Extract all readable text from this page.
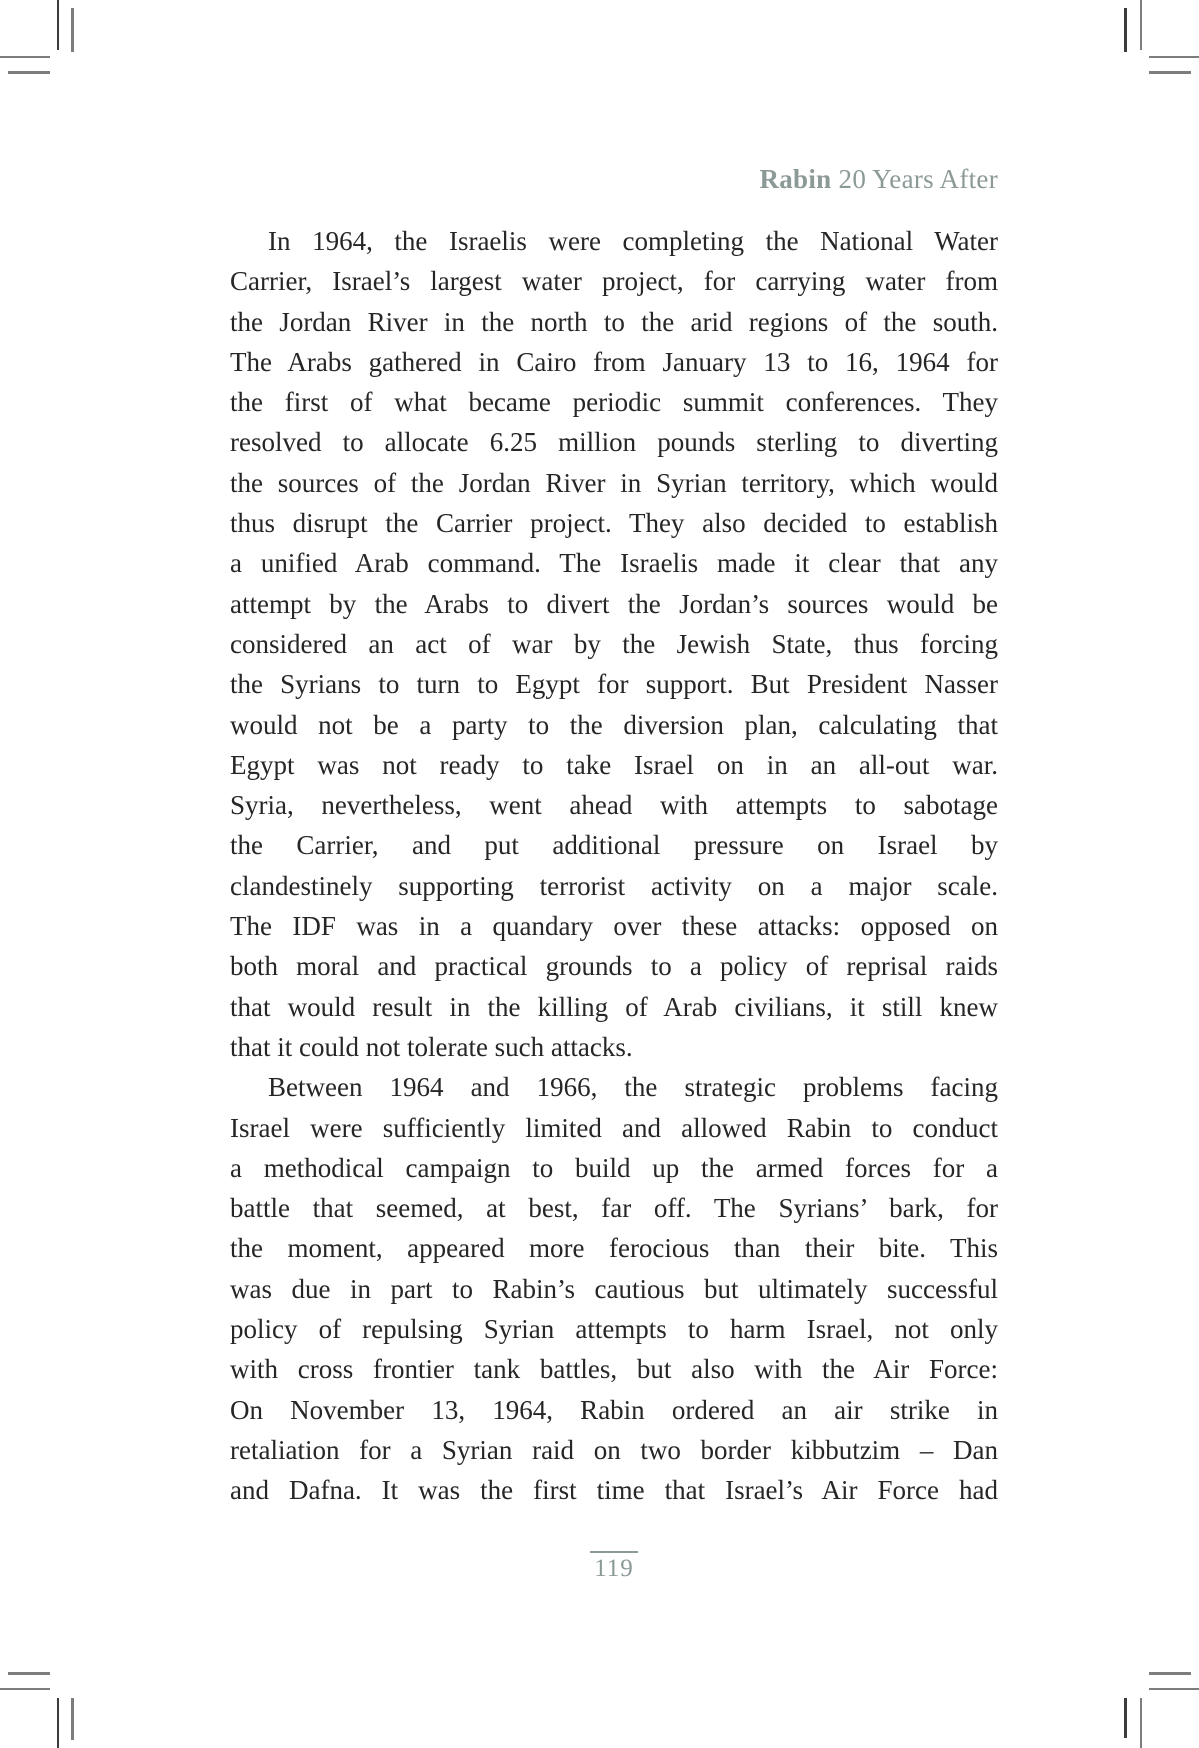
Rabin 20 Years After
In 1964, the Israelis were completing the National Water
Carrier, Israel’s largest water project, for carrying water from
the Jordan River in the north to the arid regions of the south.
The Arabs gathered in Cairo from January 13 to 16, 1964 for
the first of what became periodic summit conferences. They
resolved to allocate 6.25 million pounds sterling to diverting
the sources of the Jordan River in Syrian territory, which would
thus disrupt the Carrier project. They also decided to establish
a unified Arab command. The Israelis made it clear that any
attempt by the Arabs to divert the Jordan’s sources would be
considered an act of war by the Jewish State, thus forcing
the Syrians to turn to Egypt for support. But President Nasser
would not be a party to the diversion plan, calculating that
Egypt was not ready to take Israel on in an all-out war.
Syria, nevertheless, went ahead with attempts to sabotage
the Carrier, and put additional pressure on Israel by
clandestinely supporting terrorist activity on a major scale.
The IDF was in a quandary over these attacks: opposed on
both moral and practical grounds to a policy of reprisal raids
that would result in the killing of Arab civilians, it still knew
that it could not tolerate such attacks.
Between 1964 and 1966, the strategic problems facing
Israel were sufficiently limited and allowed Rabin to conduct
a methodical campaign to build up the armed forces for a
battle that seemed, at best, far off. The Syrians’ bark, for
the moment, appeared more ferocious than their bite. This
was due in part to Rabin’s cautious but ultimately successful
policy of repulsing Syrian attempts to harm Israel, not only
with cross frontier tank battles, but also with the Air Force:
On November 13, 1964, Rabin ordered an air strike in
retaliation for a Syrian raid on two border kibbutzim – Dan
and Dafna. It was the first time that Israel’s Air Force had
119
